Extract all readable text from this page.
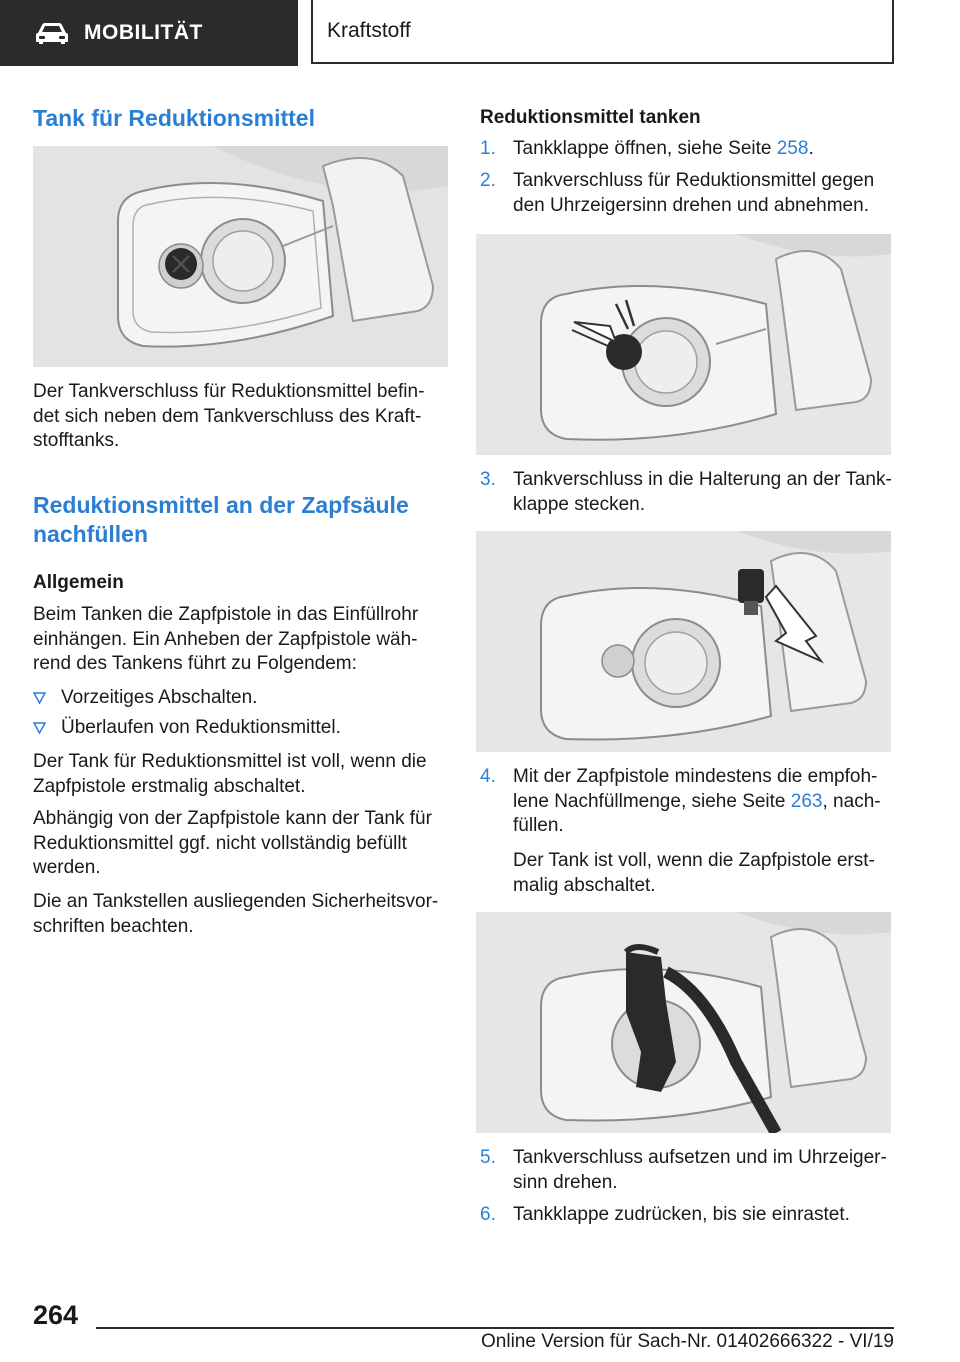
MOBILITÄT	Kraftstoff
Tank für Reduktionsmittel

Der Tankverschluss für Reduktionsmittel befin-
det sich neben dem Tankverschluss des Kraft-
stofftanks.

Reduktionsmittel an der Zapfsäule
nachfüllen
Allgemein

Beim Tanken die Zapfpistole in das Einfüllrohr
einhängen. Ein Anheben der Zapfpistole wäh-
rend des Tankens führt zu Folgendem:

Vorzeitiges Abschalten.
Überlaufen von Reduktionsmittel.

Der Tank für Reduktionsmittel ist voll, wenn die
Zapfpistole erstmalig abschaltet.

Abhängig von der Zapfpistole kann der Tank für
Reduktionsmittel ggf. nicht vollständig befüllt
werden.

Die an Tankstellen ausliegenden Sicherheitsvor-
schriften beachten.

Reduktionsmittel tanken
1. Tankklappe öffnen, siehe Seite 258.
2. Tankverschluss für Reduktionsmittel gegen
den Uhrzeigersinn drehen und abnehmen.
3. Tankverschluss in die Halterung an der Tank-
klappe stecken.
4. Mit der Zapfpistole mindestens die empfoh-
lene Nachfüllmenge, siehe Seite 263, nach-
füllen.

Der Tank ist voll, wenn die Zapfpistole erst-
malig abschaltet.

5. Tankverschluss aufsetzen und im Uhrzeiger-
sinn drehen.
6. Tankklappe zudrücken, bis sie einrastet.
264
Online Version für Sach-Nr. 01402666322 - VI/19
